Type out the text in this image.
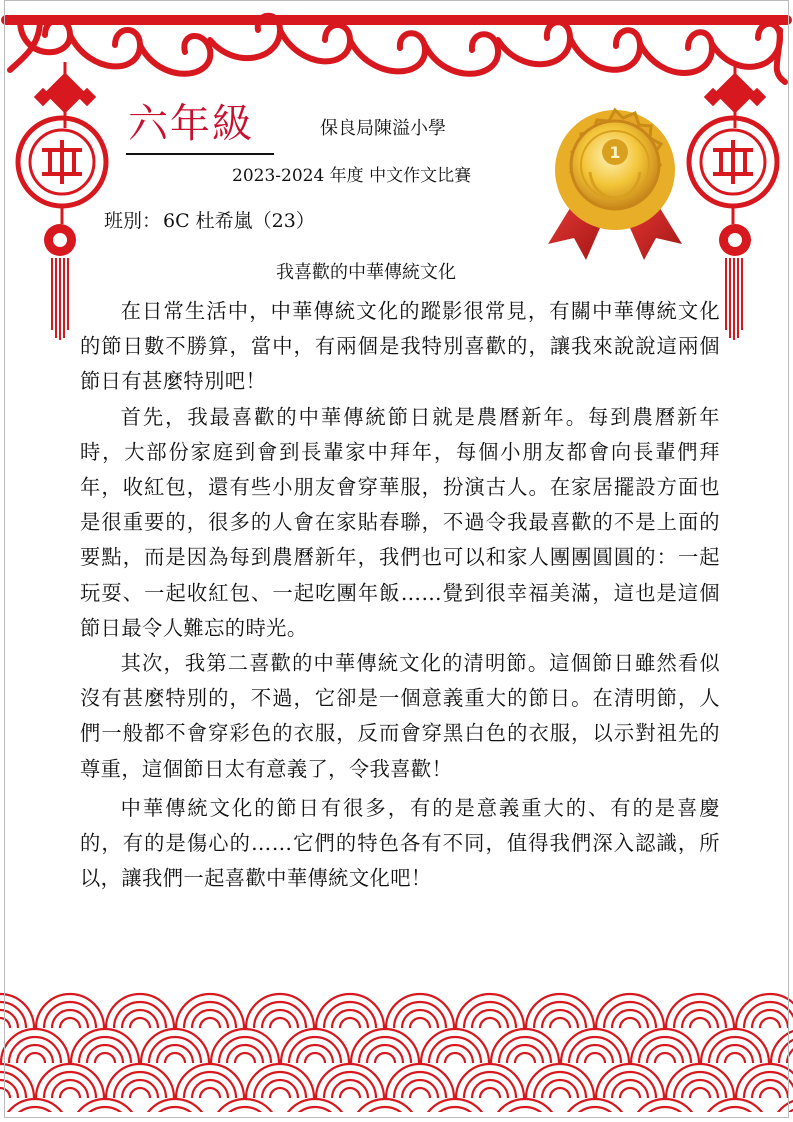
1
六年級	保良局陳溢小學
2023-2024 年度 中文作文比賽
班別： 6C 杜希嵐（23）
我喜歡的中華傳統文化

在日常生活中，中華傳統文化的蹤影很常見，有關中華傳統文化的節日數不勝算，當中，有兩個是我特別喜歡的，讓我來說說這兩個節日有甚麼特別吧！

首先，我最喜歡的中華傳統節日就是農曆新年。每到農曆新年時，大部份家庭到會到長輩家中拜年，每個小朋友都會向長輩們拜年，收紅包，還有些小朋友會穿華服，扮演古人。在家居擺設方面也是很重要的，很多的人會在家貼春聯，不過令我最喜歡的不是上面的要點，而是因為每到農曆新年，我們也可以和家人團團圓圓的：一起玩耍、一起收紅包、一起吃團年飯……覺到很幸福美滿，這也是這個節日最令人難忘的時光。

其次，我第二喜歡的中華傳統文化的清明節。這個節日雖然看似沒有甚麼特別的，不過，它卻是一個意義重大的節日。在清明節，人們一般都不會穿彩色的衣服，反而會穿黑白色的衣服，以示對祖先的尊重，這個節日太有意義了，令我喜歡！

中華傳統文化的節日有很多，有的是意義重大的、有的是喜慶的，有的是傷心的……它們的特色各有不同，值得我們深入認識，所以，讓我們一起喜歡中華傳統文化吧！
